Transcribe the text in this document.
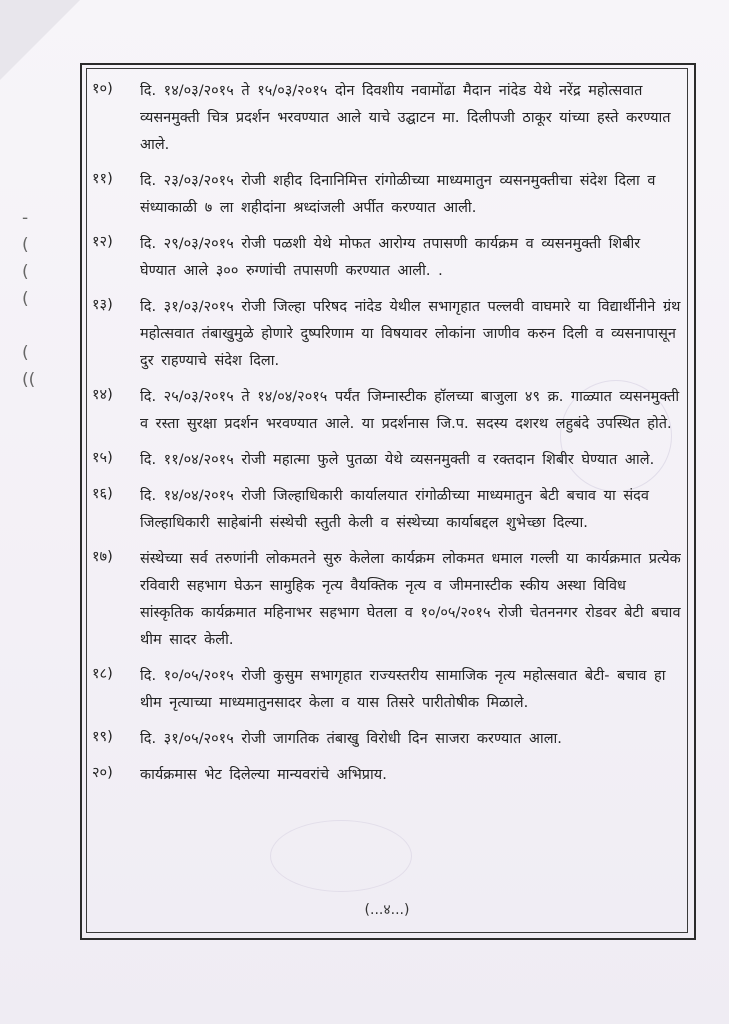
-
(
(
(

(
((
१०)	दि. १४/०३/२०१५ ते १५/०३/२०१५ दोन दिवशीय नवामोंढा मैदान नांदेड येथे नरेंद्र महोत्सवात व्यसनमुक्ती चित्र प्रदर्शन भरवण्यात आले याचे उद्घाटन मा. दिलीपजी ठाकूर यांच्या हस्ते करण्यात आले.
११)	दि. २३/०३/२०१५ रोजी शहीद दिनानिमित्त रांगोळीच्या माध्यमातुन व्यसनमुक्तीचा संदेश दिला व संध्याकाळी ७ ला शहीदांना श्रध्दांजली अर्पीत करण्यात आली.
१२)	दि. २९/०३/२०१५ रोजी पळशी येथे मोफत आरोग्य तपासणी कार्यक्रम व व्यसनमुक्ती शिबीर घेण्यात आले ३०० रुग्णांची तपासणी करण्यात आली. .
१३)	दि. ३१/०३/२०१५ रोजी जिल्हा परिषद नांदेड येथील सभागृहात पल्लवी वाघमारे या विद्यार्थीनीने ग्रंथ महोत्सवात तंबाखुमुळे होणारे दुष्परिणाम या विषयावर लोकांना जाणीव करुन दिली व व्यसनापासून दुर राहण्याचे संदेश दिला.
१४)	दि. २५/०३/२०१५ ते १४/०४/२०१५ पर्यंत जिम्नास्टीक हॉलच्या बाजुला ४९ क्र. गाळ्यात व्यसनमुक्ती व रस्ता सुरक्षा प्रदर्शन भरवण्यात आले. या प्रदर्शनास जि.प. सदस्य दशरथ लहुबंदे उपस्थित होते.
१५)	दि. ११/०४/२०१५ रोजी महात्मा फुले पुतळा येथे व्यसनमुक्ती व रक्तदान शिबीर घेण्यात आले.
१६)	दि. १४/०४/२०१५ रोजी जिल्हाधिकारी कार्यालयात रांगोळीच्या माध्यमातुन बेटी बचाव या संदव जिल्हाधिकारी साहेबांनी संस्थेची स्तुती केली व संस्थेच्या कार्याबद्दल शुभेच्छा दिल्या.
१७)	संस्थेच्या सर्व तरुणांनी लोकमतने सुरु केलेला कार्यक्रम लोकमत धमाल गल्ली या कार्यक्रमात प्रत्येक रविवारी सहभाग घेऊन सामुहिक नृत्य वैयक्तिक नृत्य व जीमनास्टीक स्कीय अस्था विविध सांस्कृतिक कार्यक्रमात महिनाभर सहभाग घेतला व १०/०५/२०१५ रोजी चेतननगर रोडवर बेटी बचाव थीम सादर केली.
१८)	दि. १०/०५/२०१५ रोजी कुसुम सभागृहात राज्यस्तरीय सामाजिक नृत्य महोत्सवात बेटी- बचाव हा थीम नृत्याच्या माध्यमातुनसादर केला व यास तिसरे पारीतोषीक मिळाले.
१९)	दि. ३१/०५/२०१५ रोजी जागतिक तंबाखु विरोधी दिन साजरा करण्यात आला.
२०)	कार्यक्रमास भेट दिलेल्या मान्यवरांचे अभिप्राय.
(...४...)
